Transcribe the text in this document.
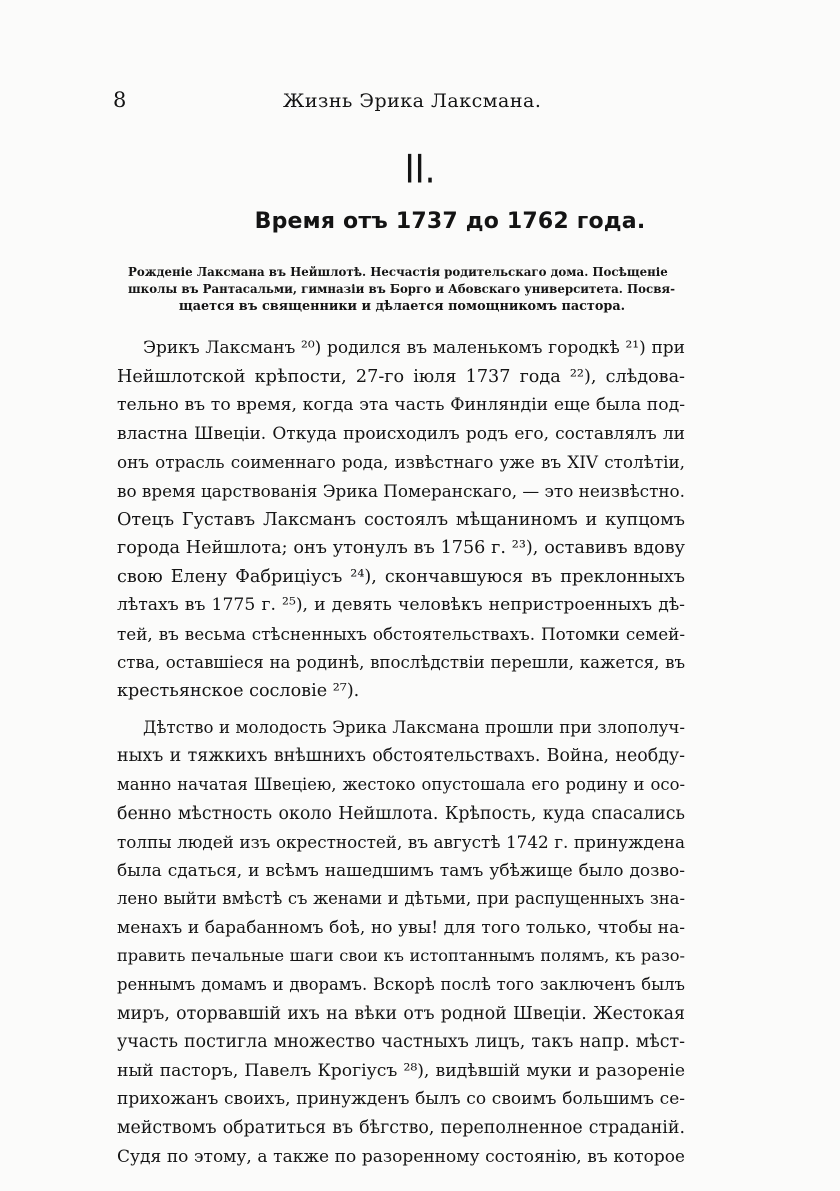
8	Жизнь Эрика Лаксмана.
II.
Время отъ 1737 до 1762 года.
Рожденіе Лаксмана въ Нейшлотѣ. Несчастія родительскаго дома. Посѣщеніе
школы въ Рантасальми, гимназіи въ Борго и Абовскаго университета. Посвя-
щается въ священники и дѣлается помощникомъ пастора.
Эрикъ Лаксманъ ²⁰) родился въ маленькомъ городкѣ ²¹) при
Нейшлотской крѣпости, 27-го іюля 1737 года ²²), слѣдова-
тельно въ то время, когда эта часть Финляндіи еще была под-
властна Швеціи. Откуда происходилъ родъ его, составлялъ ли
онъ отрасль соименнаго рода, извѣстнаго уже въ XIV столѣтіи,
во время царствованія Эрика Померанскаго, — это неизвѣстно.
Отецъ Густавъ Лаксманъ состоялъ мѣщаниномъ и купцомъ
города Нейшлота; онъ утонулъ въ 1756 г. ²³), оставивъ вдову
свою Елену Фабриціусъ ²⁴), скончавшуюся въ преклонныхъ
лѣтахъ въ 1775 г. ²⁵), и девять человѣкъ непристроенныхъ дѣ-
тей, въ весьма стѣсненныхъ обстоятельствахъ. Потомки семей-
ства, оставшіеся на родинѣ, впослѣдствіи перешли, кажется, въ
крестьянское сословіе ²⁷).
Дѣтство и молодость Эрика Лаксмана прошли при злополуч-
ныхъ и тяжкихъ внѣшнихъ обстоятельствахъ. Война, необду-
манно начатая Швеціею, жестоко опустошала его родину и осо-
бенно мѣстность около Нейшлота. Крѣпость, куда спасались
толпы людей изъ окрестностей, въ августѣ 1742 г. принуждена
была сдаться, и всѣмъ нашедшимъ тамъ убѣжище было дозво-
лено выйти вмѣстѣ съ женами и дѣтьми, при распущенныхъ зна-
менахъ и барабанномъ боѣ, но увы! для того только, чтобы на-
править печальные шаги свои къ истоптаннымъ полямъ, къ разо-
реннымъ домамъ и дворамъ. Вскорѣ послѣ того заключенъ былъ
миръ, оторвавшій ихъ на вѣки отъ родной Швеціи. Жестокая
участь постигла множество частныхъ лицъ, такъ напр. мѣст-
ный пасторъ, Павелъ Крогіусъ ²⁸), видѣвшій муки и разореніе
прихожанъ своихъ, принужденъ былъ со своимъ большимъ се-
мействомъ обратиться въ бѣгство, переполненное страданій.
Судя по этому, а также по разоренному состоянію, въ которое
